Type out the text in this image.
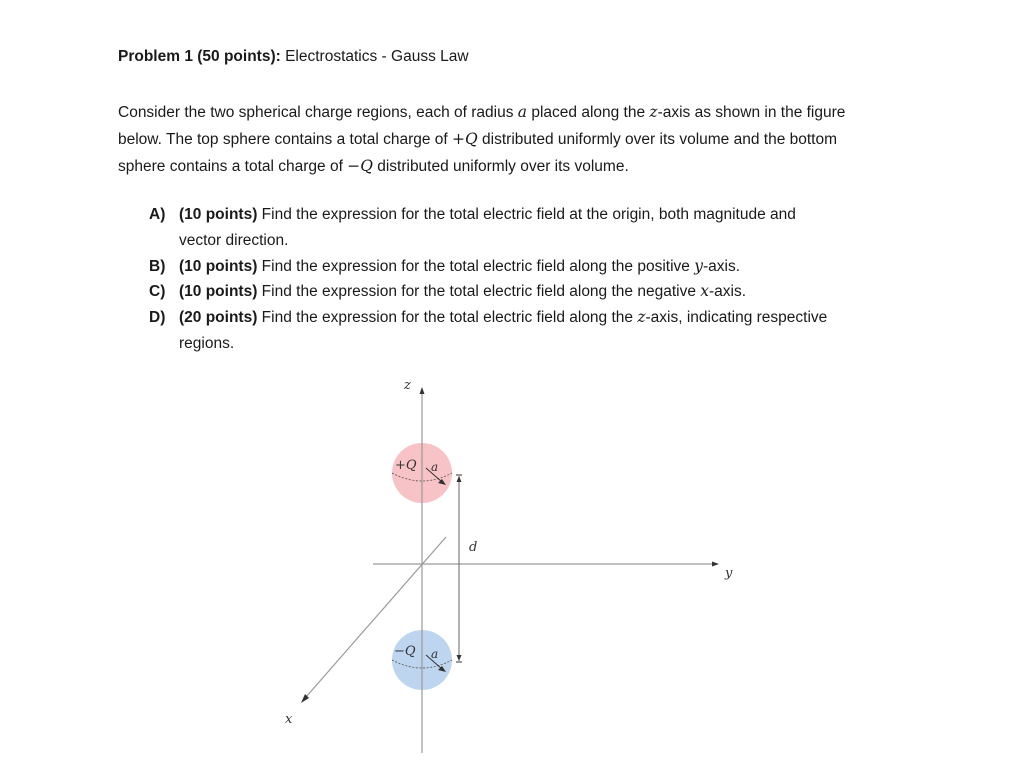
Problem 1 (50 points): Electrostatics - Gauss Law
Consider the two spherical charge regions, each of radius a placed along the z-axis as shown in the figure
below. The top sphere contains a total charge of +Q distributed uniformly over its volume and the bottom
sphere contains a total charge of −Q distributed uniformly over its volume.
A) (10 points) Find the expression for the total electric field at the origin, both magnitude and
vector direction.
B) (10 points) Find the expression for the total electric field along the positive y-axis.
C) (10 points) Find the expression for the total electric field along the negative x-axis.
D) (20 points) Find the expression for the total electric field along the z-axis, indicating respective
regions.
z
y
x
+Q
−Q
a
a
d
